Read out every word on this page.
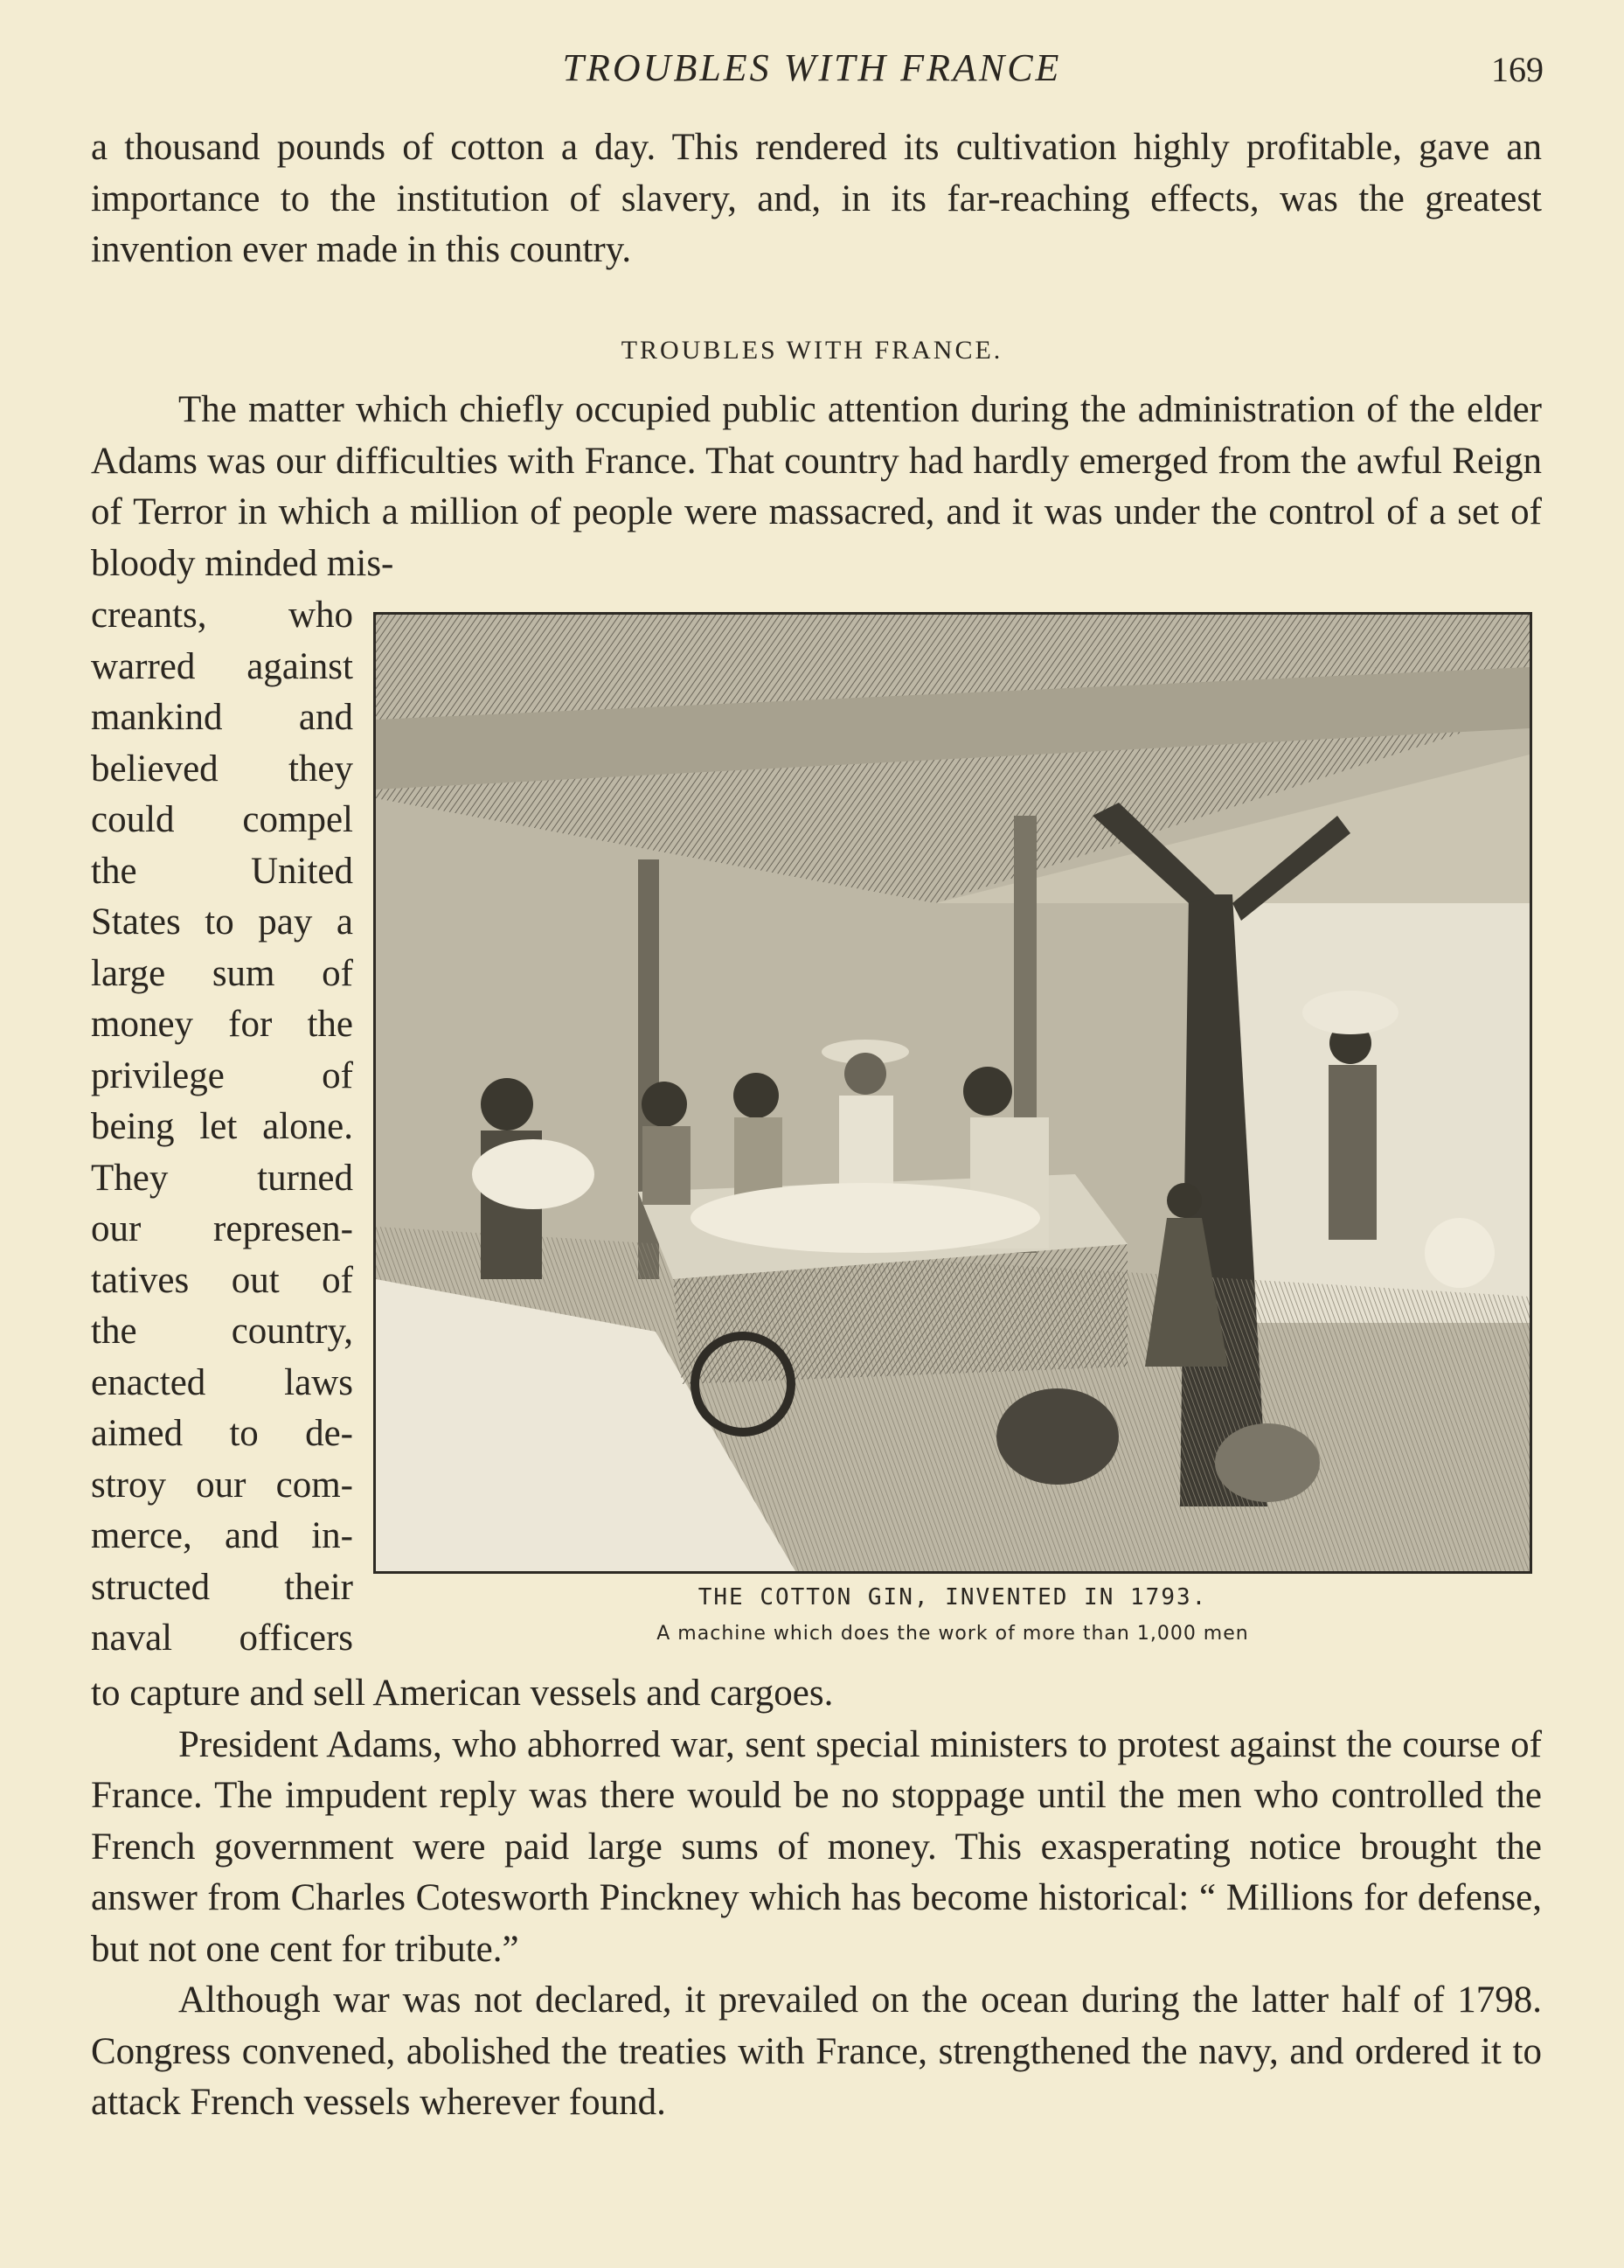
TROUBLES WITH FRANCE	169

a thousand pounds of cotton a day. This rendered its cultivation highly profitable, gave an importance to the institution of slavery, and, in its far-reaching effects, was the greatest invention ever made in this country.

TROUBLES WITH FRANCE.

The matter which chiefly occupied public attention during the administration of the elder Adams was our difficulties with France. That country had hardly emerged from the awful Reign of Terror in which a million of people were massacred, and it was under the control of a set of bloody minded mis-

creants, who
warred against
mankind and
believed they
could compel
the United
States to pay a
large sum of
money for the
privilege of
being let alone.
They turned
our represen-
tatives out of
the country,
enacted laws
aimed to de-
stroy our com-
merce, and in-
structed their
naval officers
THE COTTON GIN, INVENTED IN 1793.
A machine which does the work of more than 1,000 men

to capture and sell American vessels and cargoes.

President Adams, who abhorred war, sent special ministers to protest against the course of France. The impudent reply was there would be no stoppage until the men who controlled the French government were paid large sums of money. This exasperating notice brought the answer from Charles Cotesworth Pinckney which has become historical: “ Millions for defense, but not one cent for tribute.”

Although war was not declared, it prevailed on the ocean during the latter half of 1798. Congress convened, abolished the treaties with France, strengthened the navy, and ordered it to attack French vessels wherever found.
